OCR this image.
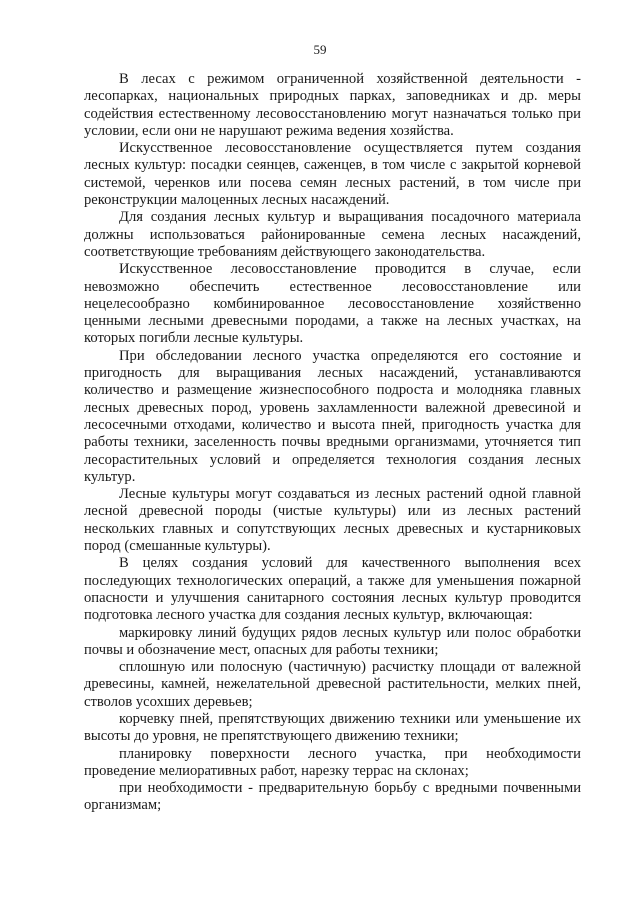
59

В лесах с режимом ограниченной хозяйственной деятельности - лесопарках, национальных природных парках, заповедниках и др. меры содействия естественному лесовосстановлению могут назначаться только при условии, если они не нарушают режима ведения хозяйства.

Искусственное лесовосстановление осуществляется путем создания лесных культур: посадки сеянцев, саженцев, в том числе с закрытой корневой системой, черенков или посева семян лесных растений, в том числе при реконструкции малоценных лесных насаждений.

Для создания лесных культур и выращивания посадочного материала должны использоваться районированные семена лесных насаждений, соответствующие требованиям действующего законодательства.

Искусственное лесовосстановление проводится в случае, если невозможно обеспечить естественное лесовосстановление или нецелесообразно комбинированное лесовосстановление хозяйственно ценными лесными древесными породами, а также на лесных участках, на которых погибли лесные культуры.

При обследовании лесного участка определяются его состояние и пригодность для выращивания лесных насаждений, устанавливаются количество и размещение жизнеспособного подроста и молодняка главных лесных древесных пород, уровень захламленности валежной древесиной и лесосечными отходами, количество и высота пней, пригодность участка для работы техники, заселенность почвы вредными организмами, уточняется тип лесорастительных условий и определяется технология создания лесных культур.

Лесные культуры могут создаваться из лесных растений одной главной лесной древесной породы (чистые культуры) или из лесных растений нескольких главных и сопутствующих лесных древесных и кустарниковых пород (смешанные культуры).

В целях создания условий для качественного выполнения всех последующих технологических операций, а также для уменьшения пожарной опасности и улучшения санитарного состояния лесных культур проводится подготовка лесного участка для создания лесных культур, включающая:

маркировку линий будущих рядов лесных культур или полос обработки почвы и обозначение мест, опасных для работы техники;

сплошную или полосную (частичную) расчистку площади от валежной древесины, камней, нежелательной древесной растительности, мелких пней, стволов усохших деревьев;

корчевку пней, препятствующих движению техники или уменьшение их высоты до уровня, не препятствующего движению техники;

планировку поверхности лесного участка, при необходимости проведение мелиоративных работ, нарезку террас на склонах;

при необходимости - предварительную борьбу с вредными почвенными организмам;
